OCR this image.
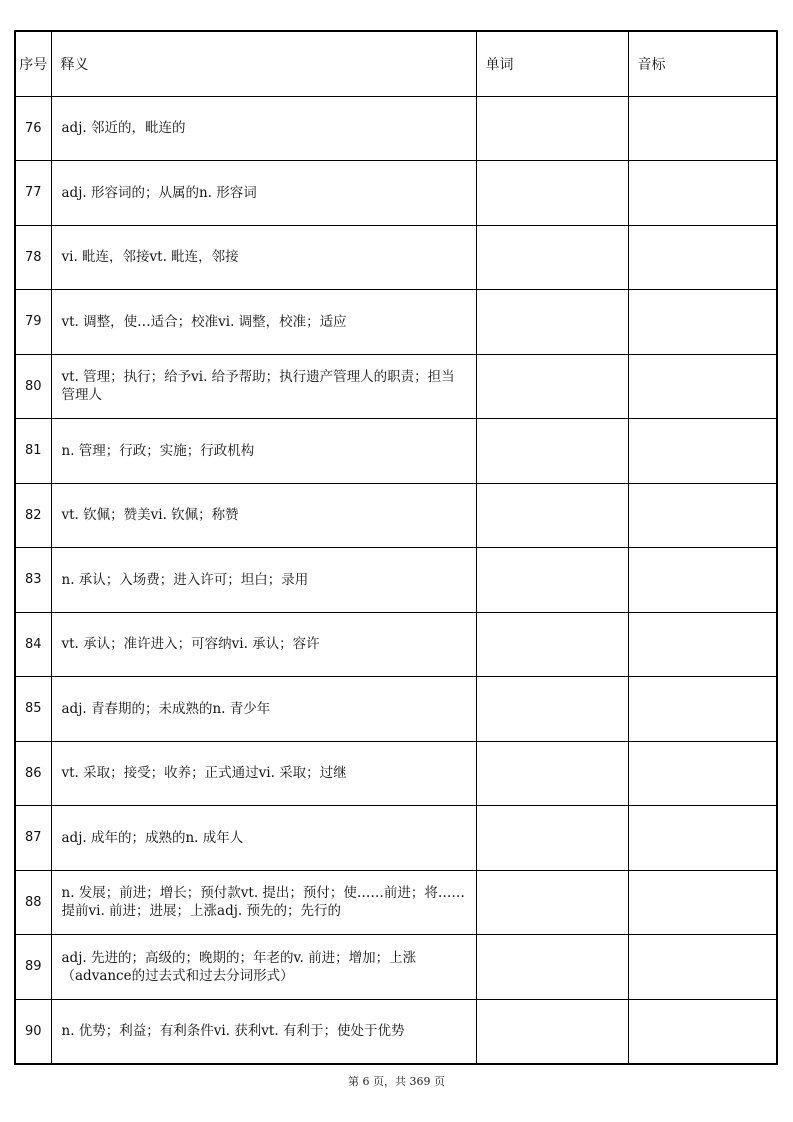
序号	释义	单词	音标
76	adj. 邻近的，毗连的		
77	adj. 形容词的；从属的n. 形容词		
78	vi. 毗连，邻接vt. 毗连，邻接		
79	vt. 调整，使…适合；校准vi. 调整，校准；适应		
80	vt. 管理；执行；给予vi. 给予帮助；执行遗产管理人的职责；担当管理人		
81	n. 管理；行政；实施；行政机构		
82	vt. 钦佩；赞美vi. 钦佩；称赞		
83	n. 承认；入场费；进入许可；坦白；录用		
84	vt. 承认；准许进入；可容纳vi. 承认；容许		
85	adj. 青春期的；未成熟的n. 青少年		
86	vt. 采取；接受；收养；正式通过vi. 采取；过继		
87	adj. 成年的；成熟的n. 成年人		
88	n. 发展；前进；增长；预付款vt. 提出；预付；使……前进；将……提前vi. 前进；进展；上涨adj. 预先的；先行的		
89	adj. 先进的；高级的；晚期的；年老的v. 前进；增加；上涨（advance的过去式和过去分词形式）		
90	n. 优势；利益；有利条件vi. 获利vt. 有利于；使处于优势		
第 6 页，共 369 页
